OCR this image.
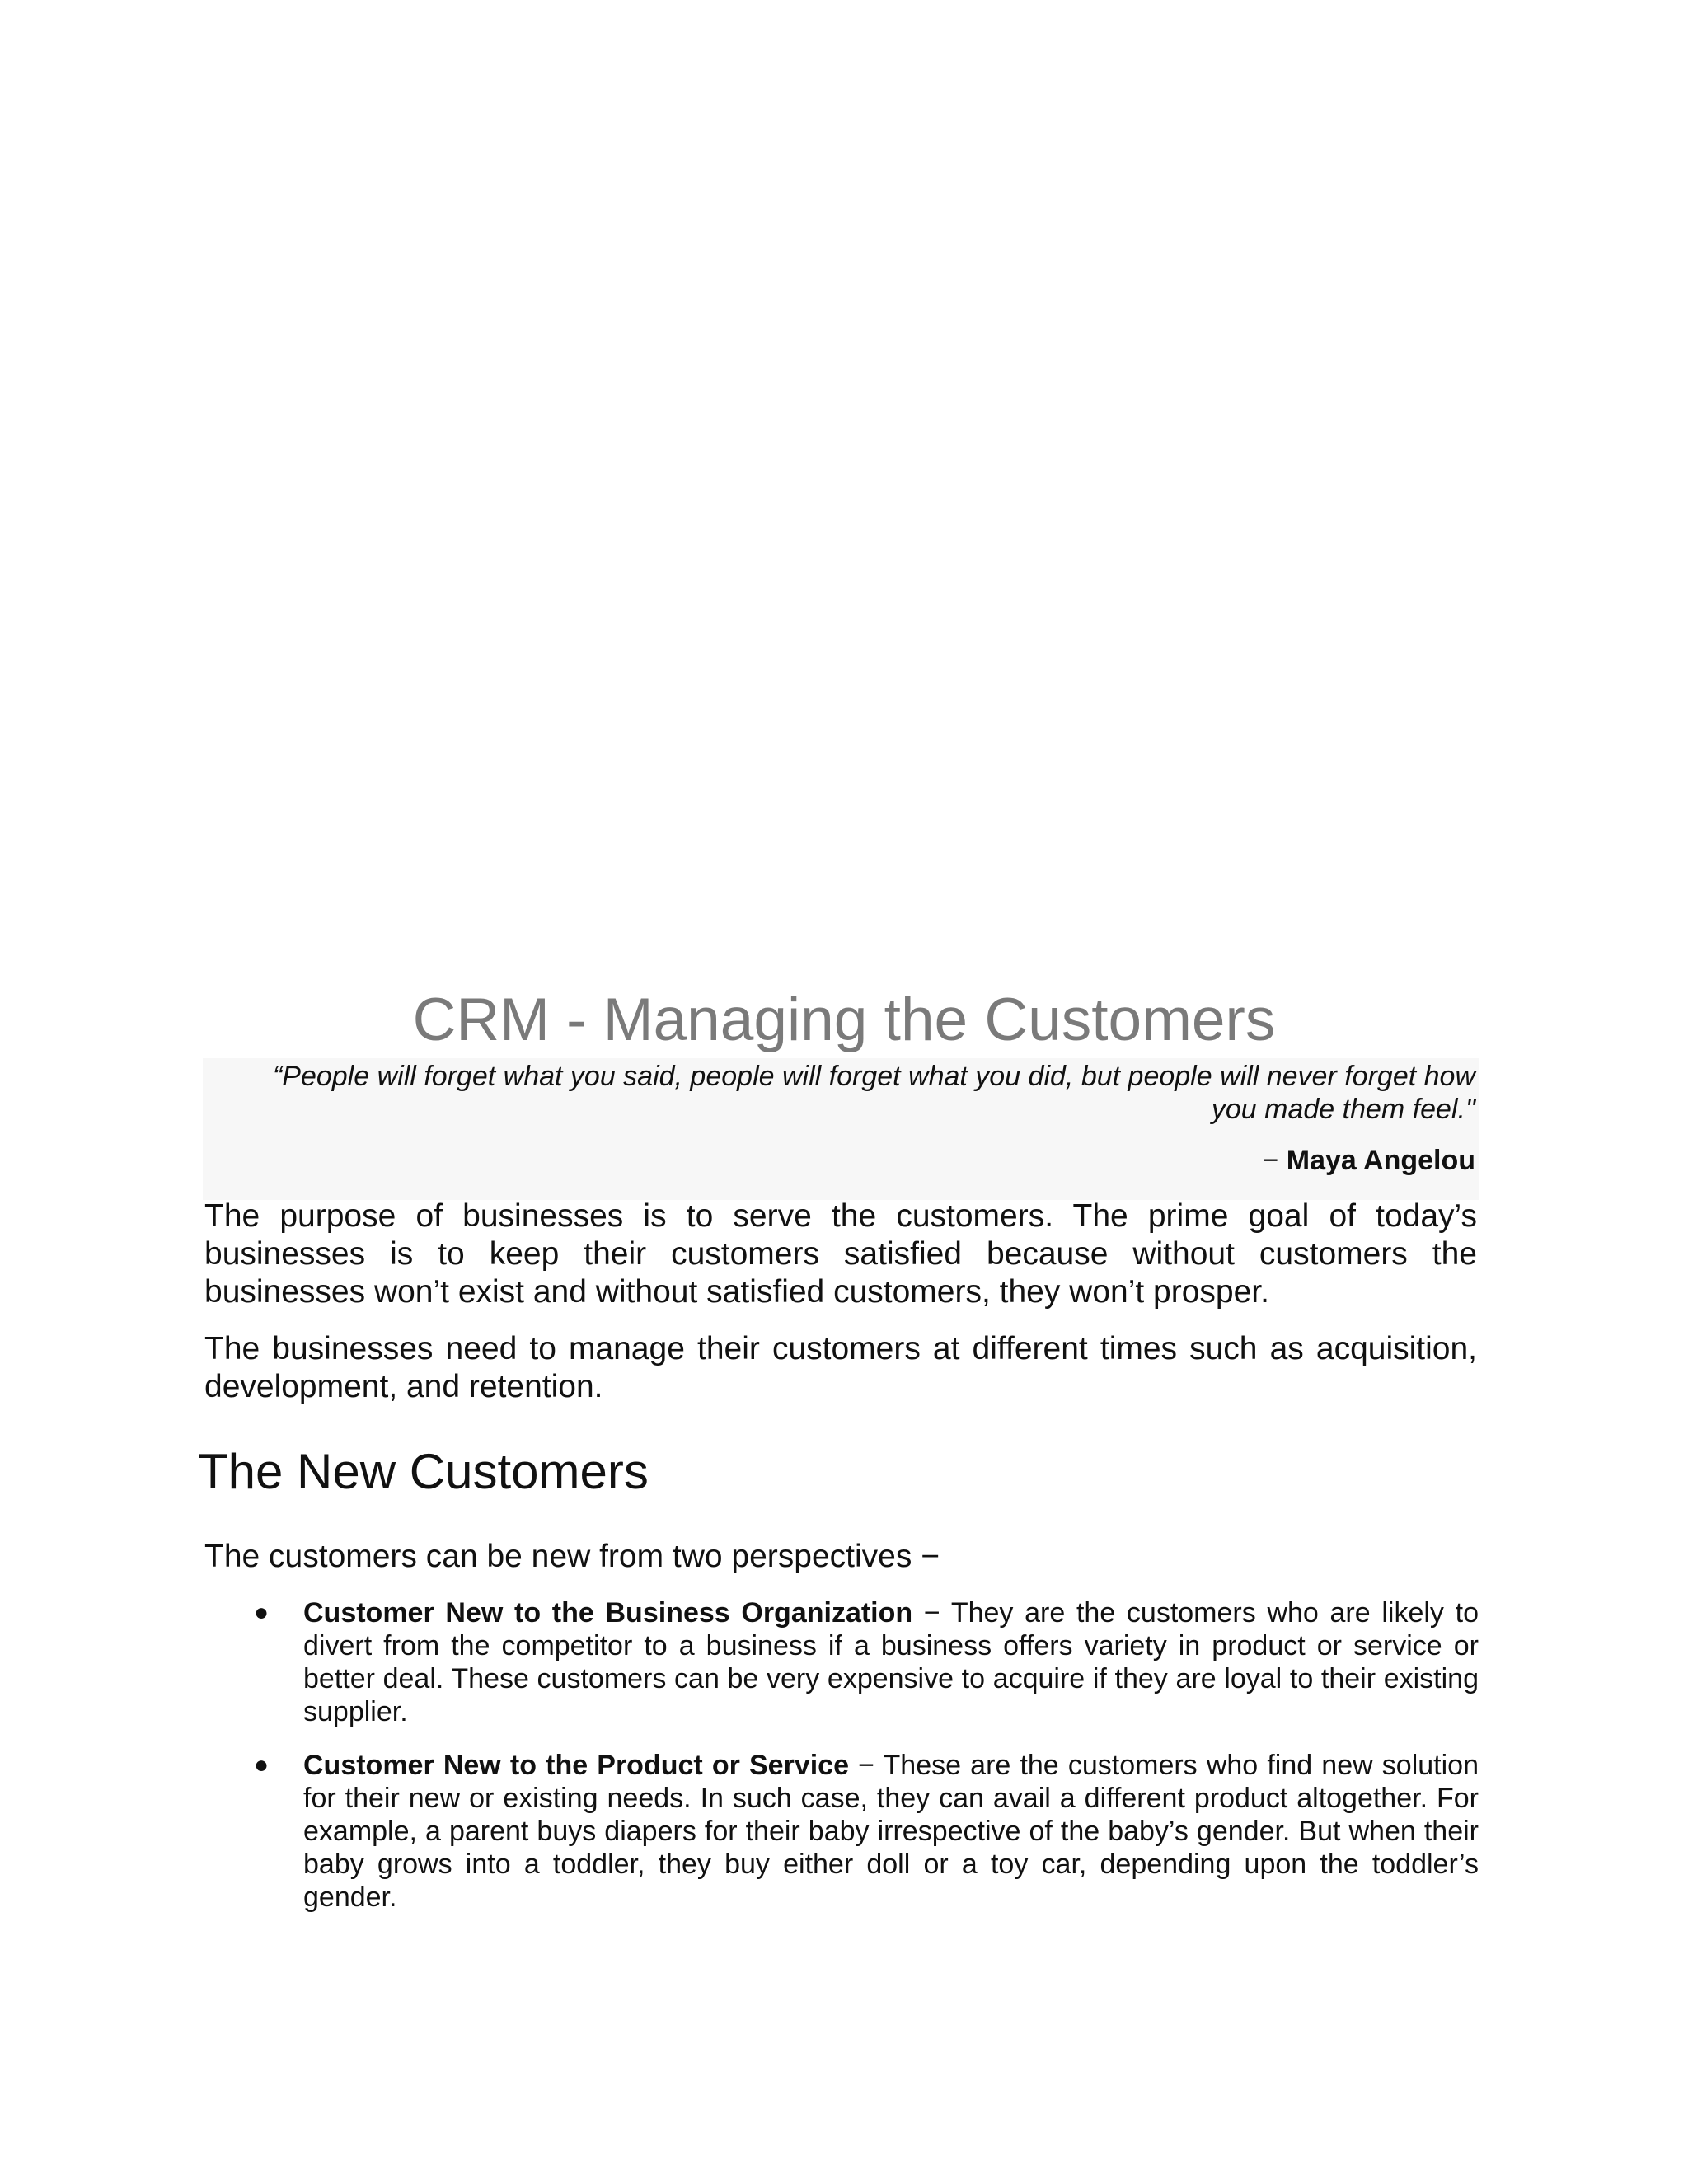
CRM - Managing the Customers

“People will forget what you said, people will forget what you did, but people will never forget how you made them feel."

− Maya Angelou

The purpose of businesses is to serve the customers. The prime goal of today’s businesses is to keep their customers satisfied because without customers the businesses won’t exist and without satisfied customers, they won’t prosper.

The businesses need to manage their customers at different times such as acquisition, development, and retention.

The New Customers

The customers can be new from two perspectives −

● Customer New to the Business Organization − They are the customers who are likely to divert from the competitor to a business if a business offers variety in product or service or better deal. These customers can be very expensive to acquire if they are loyal to their existing supplier.
● Customer New to the Product or Service − These are the customers who find new solution for their new or existing needs. In such case, they can avail a different product altogether. For example, a parent buys diapers for their baby irrespective of the baby’s gender. But when their baby grows into a toddler, they buy either doll or a toy car, depending upon the toddler’s gender.
